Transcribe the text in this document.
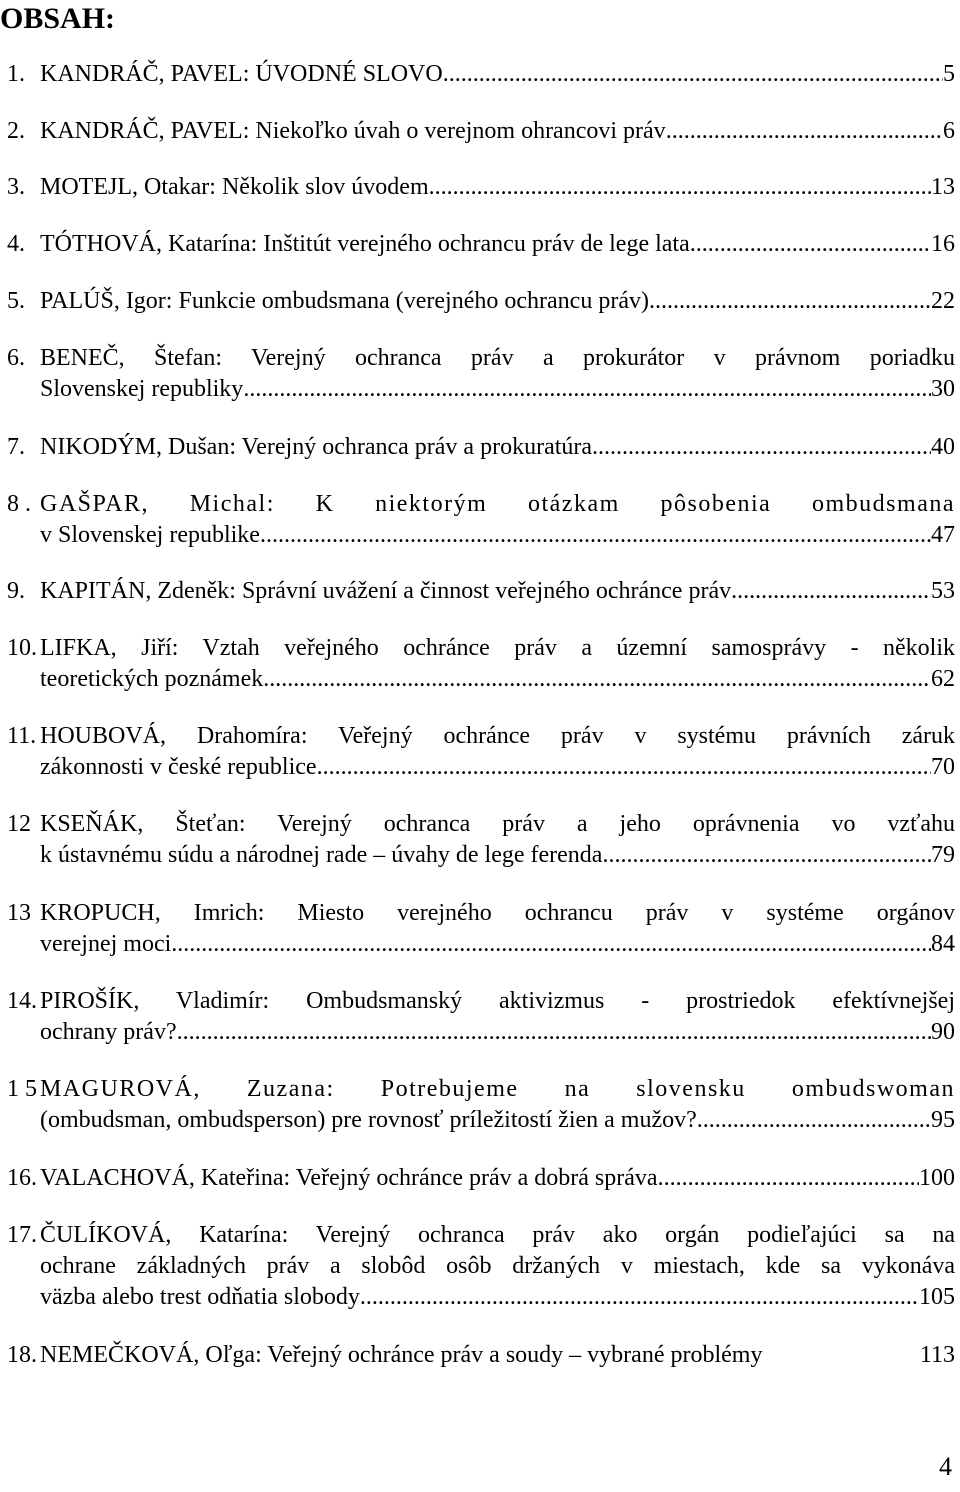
OBSAH:
1. KANDRÁČ, PAVEL: ÚVODNÉ SLOVO .....	5
2. KANDRÁČ, PAVEL: Niekoľko úvah o verejnom ohrancovi práv .....	6
3. MOTEJL, Otakar: Několik slov úvodem .....	13
4. TÓTHOVÁ, Katarína: Inštitút verejného ochrancu práv de lege lata .....	16
5. PALÚŠ, Igor: Funkcie ombudsmana (verejného ochrancu práv) .....	22
6. BENEČ, Štefan: Verejný ochranca práv a prokurátor v právnom poriadku
Slovenskej republiky .....	30
7. NIKODÝM, Dušan: Verejný ochranca práv a prokuratúra .....	40
8 . GAŠPAR, Michal: K niektorým otázkam pôsobenia ombudsmana
v Slovenskej republike .....	47
9. KAPITÁN, Zdeněk: Správní uvážení a činnost veřejného ochránce práv .....	53
10. LIFKA, Jiří: Vztah veřejného ochránce práv a územní samosprávy - několik
teoretických poznámek .....	62
11. HOUBOVÁ, Drahomíra: Veřejný ochránce práv v systému právních záruk
zákonnosti v české republice .....	70
12 KSEŇÁK, Šteťan: Verejný ochranca práv a jeho oprávnenia vo vzťahu
k ústavnému súdu a národnej rade – úvahy de lege ferenda .....	79
13 KROPUCH, Imrich: Miesto verejného ochrancu práv v systéme orgánov
verejnej moci .....	84
14. PIROŠÍK, Vladimír: Ombudsmanský aktivizmus - prostriedok efektívnejšej
ochrany práv? .....	90
1 5 MAGUROVÁ, Zuzana: Potrebujeme na slovensku ombudswoman
(ombudsman, ombudsperson) pre rovnosť príležitostí žien a mužov? .....	95
16. VALACHOVÁ, Kateřina: Veřejný ochránce práv a dobrá správa .....	100
17. ČULÍKOVÁ, Katarína: Verejný ochranca práv ako orgán podieľajúci sa na
ochrane základných práv a slobôd osôb držaných v miestach, kde sa vykonáva
väzba alebo trest odňatia slobody .....	105
18. NEMEČKOVÁ, Oľga: Veřejný ochránce práv a soudy – vybrané problémy	113
4
